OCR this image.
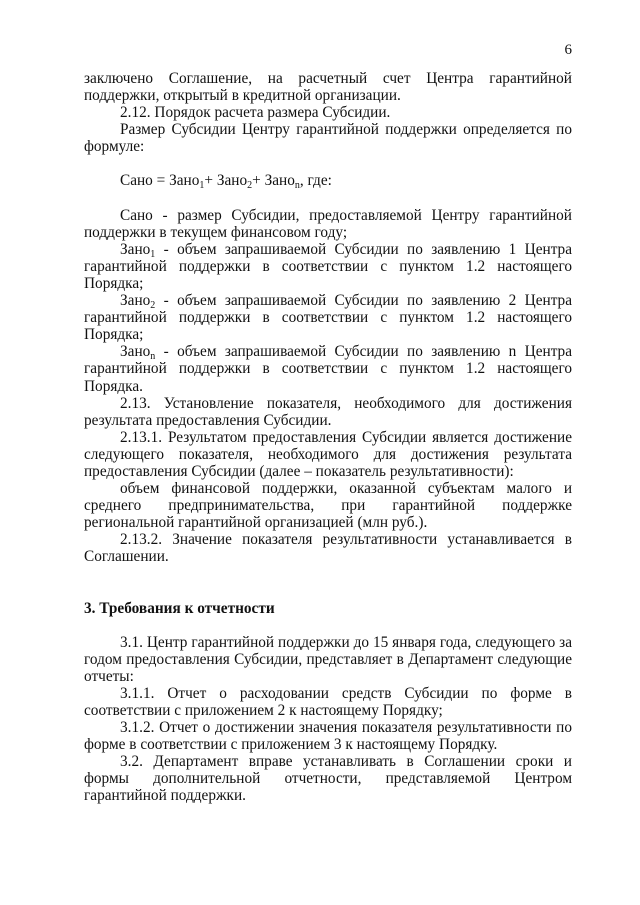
6

заключено Соглашение, на расчетный счет Центра гарантийной поддержки, открытый в кредитной организации.

2.12. Порядок расчета размера Субсидии.

Размер Субсидии Центру гарантийной поддержки определяется по формуле:

Сано = Зано$_1$+ Зано$_2$+ Зано$_n$, где:

Сано - размер Субсидии, предоставляемой Центру гарантийной поддержки в текущем финансовом году;

Зано$_1$ - объем запрашиваемой Субсидии по заявлению 1 Центра гарантийной поддержки в соответствии с пунктом 1.2 настоящего Порядка;

Зано$_2$ - объем запрашиваемой Субсидии по заявлению 2 Центра гарантийной поддержки в соответствии с пунктом 1.2 настоящего Порядка;

Зано$_n$ - объем запрашиваемой Субсидии по заявлению n Центра гарантийной поддержки в соответствии с пунктом 1.2 настоящего Порядка.

2.13. Установление показателя, необходимого для достижения результата предоставления Субсидии.

2.13.1. Результатом предоставления Субсидии является достижение следующего показателя, необходимого для достижения результата предоставления Субсидии (далее – показатель результативности):

объем финансовой поддержки, оказанной субъектам малого и среднего предпринимательства, при гарантийной поддержке региональной гарантийной организацией (млн руб.).

2.13.2. Значение показателя результативности устанавливается в Соглашении.

3. Требования к отчетности

3.1. Центр гарантийной поддержки до 15 января года, следующего за годом предоставления Субсидии, представляет в Департамент следующие отчеты:

3.1.1. Отчет о расходовании средств Субсидии по форме в соответствии с приложением 2 к настоящему Порядку;

3.1.2. Отчет о достижении значения показателя результативности по форме в соответствии с приложением 3 к настоящему Порядку.

3.2. Департамент вправе устанавливать в Соглашении сроки и формы дополнительной отчетности, представляемой Центром гарантийной поддержки.
